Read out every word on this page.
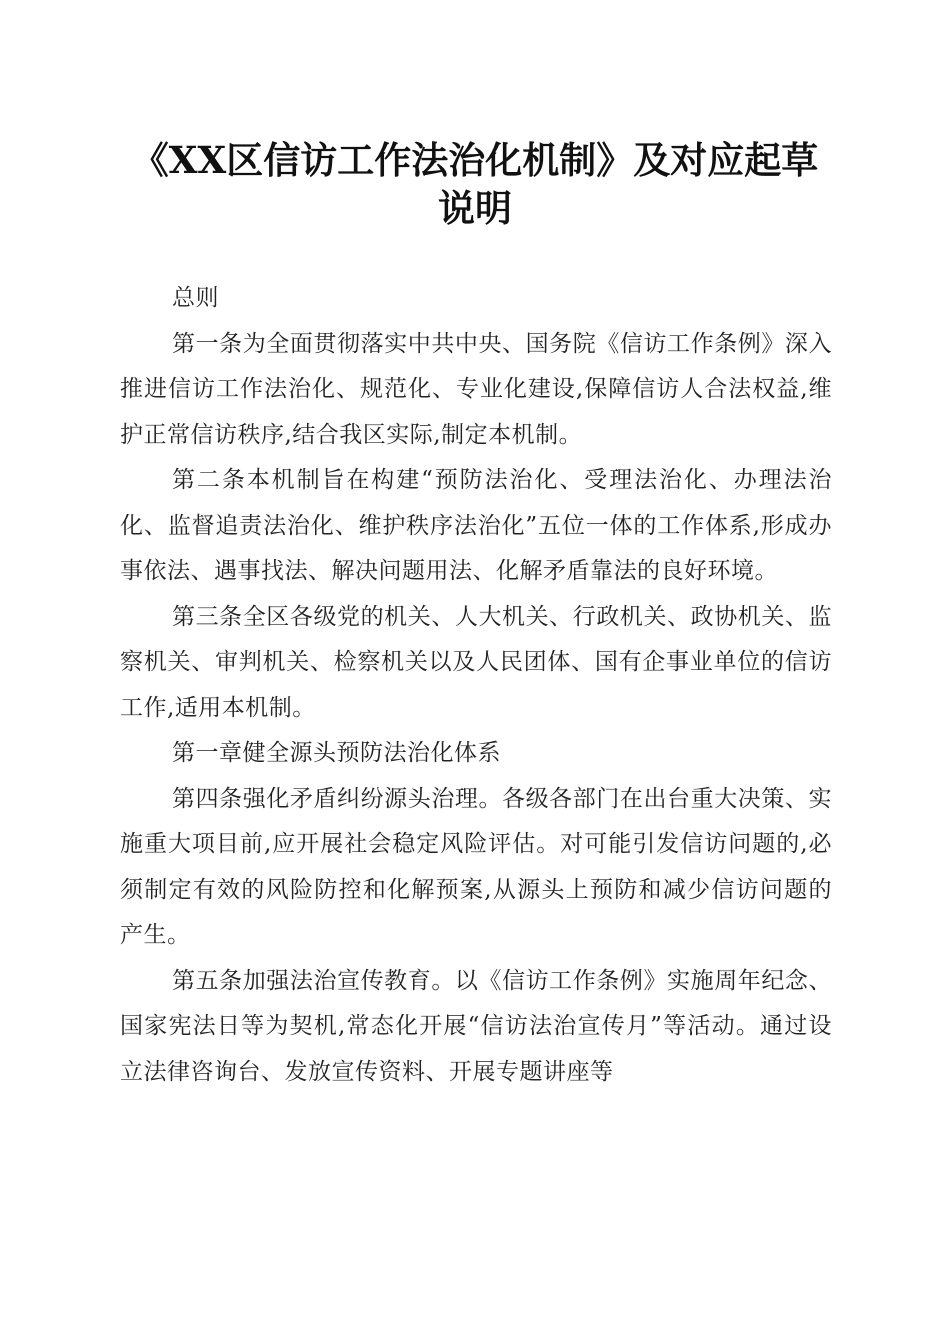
《XX区信访工作法治化机制》及对应起草说明

总则

第一条为全面贯彻落实中共中央、国务院《信访工作条例》深入推进信访工作法治化、规范化、专业化建设,保障信访人合法权益,维护正常信访秩序,结合我区实际,制定本机制。

第二条本机制旨在构建“预防法治化、受理法治化、办理法治化、监督追责法治化、维护秩序法治化”五位一体的工作体系,形成办事依法、遇事找法、解决问题用法、化解矛盾靠法的良好环境。

第三条全区各级党的机关、人大机关、行政机关、政协机关、监察机关、审判机关、检察机关以及人民团体、国有企事业单位的信访工作,适用本机制。

第一章健全源头预防法治化体系

第四条强化矛盾纠纷源头治理。各级各部门在出台重大决策、实施重大项目前,应开展社会稳定风险评估。对可能引发信访问题的,必须制定有效的风险防控和化解预案,从源头上预防和减少信访问题的产生。

第五条加强法治宣传教育。以《信访工作条例》实施周年纪念、国家宪法日等为契机,常态化开展“信访法治宣传月”等活动。通过设立法律咨询台、发放宣传资料、开展专题讲座等
